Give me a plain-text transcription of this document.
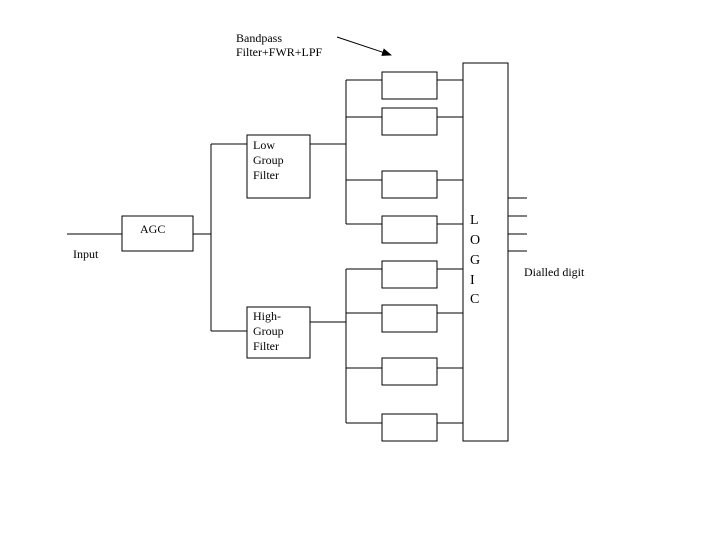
Bandpass
Filter+FWR+LPF
Input
AGC
Low
Group
Filter
High-
Group
Filter
L
O
G
I
C
Dialled digit
